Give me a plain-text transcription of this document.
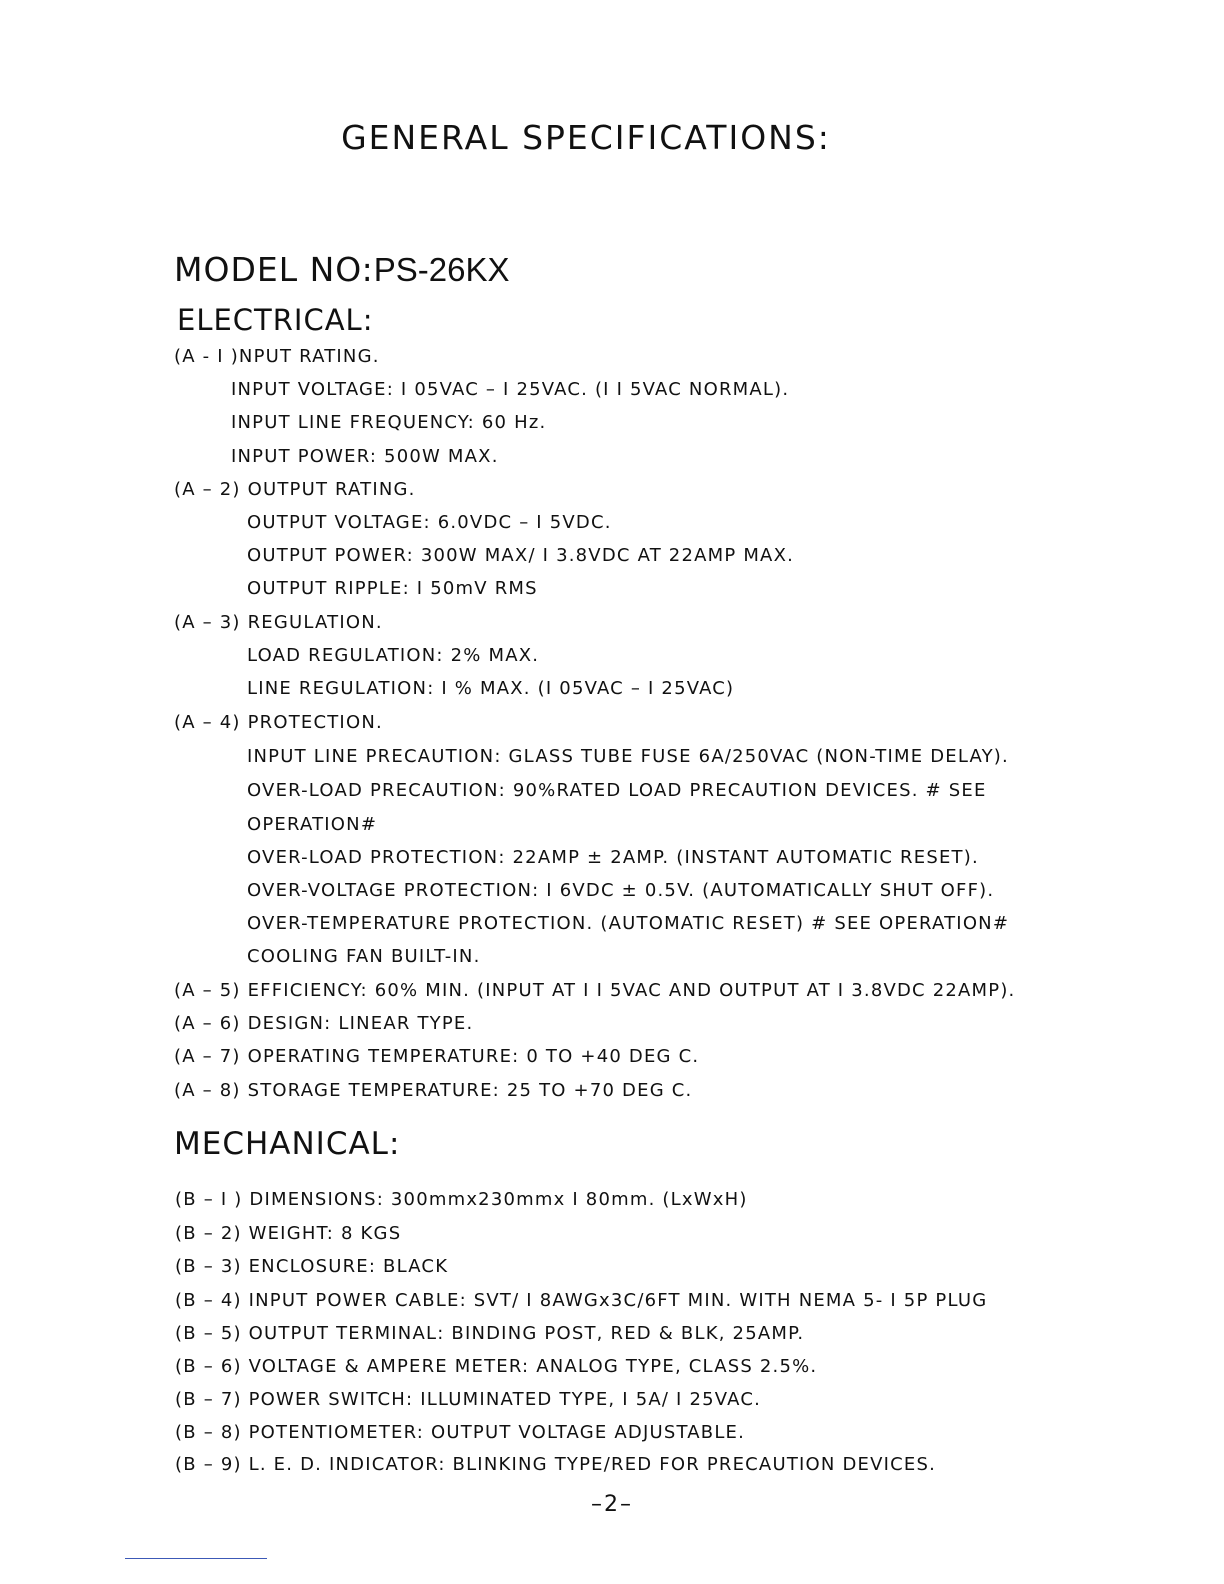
GENERAL SPECIFICATIONS:
MODEL NO:PS-26KX
ELECTRICAL:
(A - I )NPUT RATING.
INPUT VOLTAGE: I 05VAC – I 25VAC. (I I 5VAC NORMAL).
INPUT LINE FREQUENCY: 60 Hz.
INPUT POWER: 500W MAX.
(A – 2) OUTPUT RATING.
OUTPUT VOLTAGE: 6.0VDC – I 5VDC.
OUTPUT POWER: 300W MAX/ I 3.8VDC AT 22AMP MAX.
OUTPUT RIPPLE: I 50mV RMS
(A – 3) REGULATION.
LOAD REGULATION: 2% MAX.
LINE REGULATION: I % MAX. (I 05VAC – I 25VAC)
(A – 4) PROTECTION.
INPUT LINE PRECAUTION: GLASS TUBE FUSE 6A/250VAC (NON-TIME DELAY).
OVER-LOAD PRECAUTION: 90%RATED LOAD PRECAUTION DEVICES. # SEE
OPERATION#
OVER-LOAD PROTECTION: 22AMP ± 2AMP. (INSTANT AUTOMATIC RESET).
OVER-VOLTAGE PROTECTION: I 6VDC ± 0.5V. (AUTOMATICALLY SHUT OFF).
OVER-TEMPERATURE PROTECTION. (AUTOMATIC RESET) # SEE OPERATION#
COOLING FAN BUILT-IN.
(A – 5) EFFICIENCY: 60% MIN. (INPUT AT I I 5VAC AND OUTPUT AT I 3.8VDC 22AMP).
(A – 6) DESIGN: LINEAR TYPE.
(A – 7) OPERATING TEMPERATURE: 0 TO +40 DEG C.
(A – 8) STORAGE TEMPERATURE: 25 TO +70 DEG C.
MECHANICAL:
(B – I ) DIMENSIONS: 300mmx230mmx I 80mm. (LxWxH)
(B – 2) WEIGHT: 8 KGS
(B – 3) ENCLOSURE: BLACK
(B – 4) INPUT POWER CABLE: SVT/ I 8AWGx3C/6FT MIN. WITH NEMA 5- I 5P PLUG
(B – 5) OUTPUT TERMINAL: BINDING POST, RED & BLK, 25AMP.
(B – 6) VOLTAGE & AMPERE METER: ANALOG TYPE, CLASS 2.5%.
(B – 7) POWER SWITCH: ILLUMINATED TYPE, I 5A/ I 25VAC.
(B – 8) POTENTIOMETER: OUTPUT VOLTAGE ADJUSTABLE.
(B – 9) L. E. D. INDICATOR: BLINKING TYPE/RED FOR PRECAUTION DEVICES.
–2–
